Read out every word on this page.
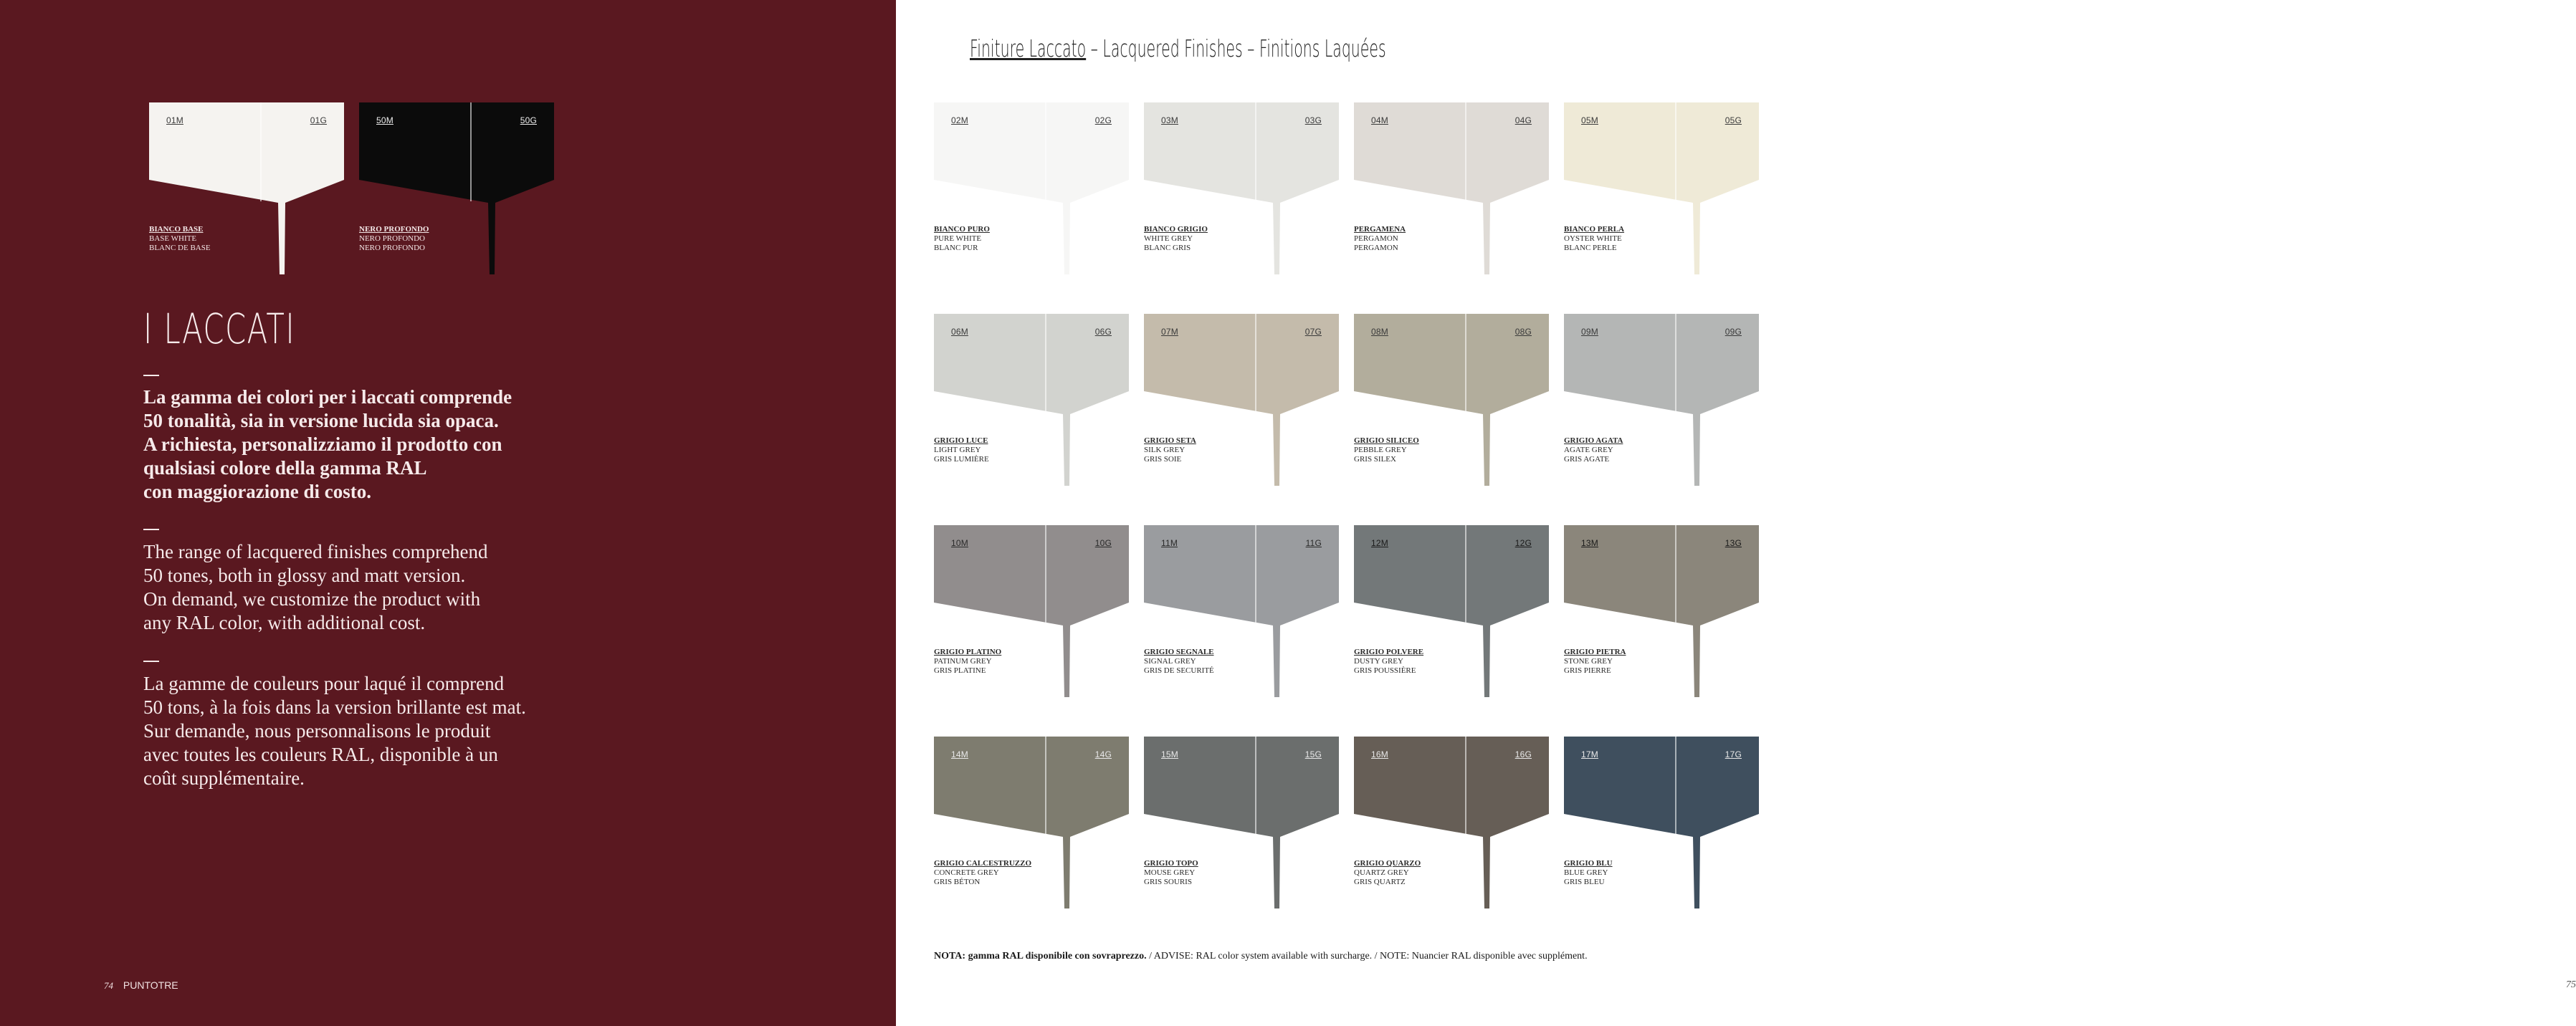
01M	01G
BIANCO BASE
BASE WHITE
BLANC DE BASE
50M	50G
NERO PROFONDO
NERO PROFONDO
NERO PROFONDO
I LACCATI
La gamma dei colori per i laccati comprende
50 tonalità, sia in versione lucida sia opaca.
A richiesta, personalizziamo il prodotto con
qualsiasi colore della gamma RAL
con maggiorazione di costo.
The range of lacquered finishes comprehend
50 tones, both in glossy and matt version.
On demand, we customize the product with
any RAL color, with additional cost.
La gamme de couleurs pour laqué il comprend
50 tons, à la fois dans la version brillante est mat.
Sur demande, nous personnalisons le produit
avec toutes les couleurs RAL, disponible à un
coût supplémentaire.
74 PUNTOTRE
Finiture Laccato – Lacquered Finishes – Finitions Laquées
02M	02G
BIANCO PURO
PURE WHITE
BLANC PUR
03M	03G
BIANCO GRIGIO
WHITE GREY
BLANC GRIS
04M	04G
PERGAMENA
PERGAMON
PERGAMON
05M	05G
BIANCO PERLA
OYSTER WHITE
BLANC PERLE
06M	06G
GRIGIO LUCE
LIGHT GREY
GRIS LUMIÈRE
07M	07G
GRIGIO SETA
SILK GREY
GRIS SOIE
08M	08G
GRIGIO SILICEO
PEBBLE GREY
GRIS SILEX
09M	09G
GRIGIO AGATA
AGATE GREY
GRIS AGATE
10M	10G
GRIGIO PLATINO
PATINUM GREY
GRIS PLATINE
11M	11G
GRIGIO SEGNALE
SIGNAL GREY
GRIS DE SECURITÉ
12M	12G
GRIGIO POLVERE
DUSTY GREY
GRIS POUSSIÈRE
13M	13G
GRIGIO PIETRA
STONE GREY
GRIS PIERRE
14M	14G
GRIGIO CALCESTRUZZO
CONCRETE GREY
GRIS BÉTON
15M	15G
GRIGIO TOPO
MOUSE GREY
GRIS SOURIS
16M	16G
GRIGIO QUARZO
QUARTZ GREY
GRIS QUARTZ
17M	17G
GRIGIO BLU
BLUE GREY
GRIS BLEU
NOTA: gamma RAL disponibile con sovraprezzo. / ADVISE: RAL color system available with surcharge. / NOTE: Nuancier RAL disponible avec supplément.
75
